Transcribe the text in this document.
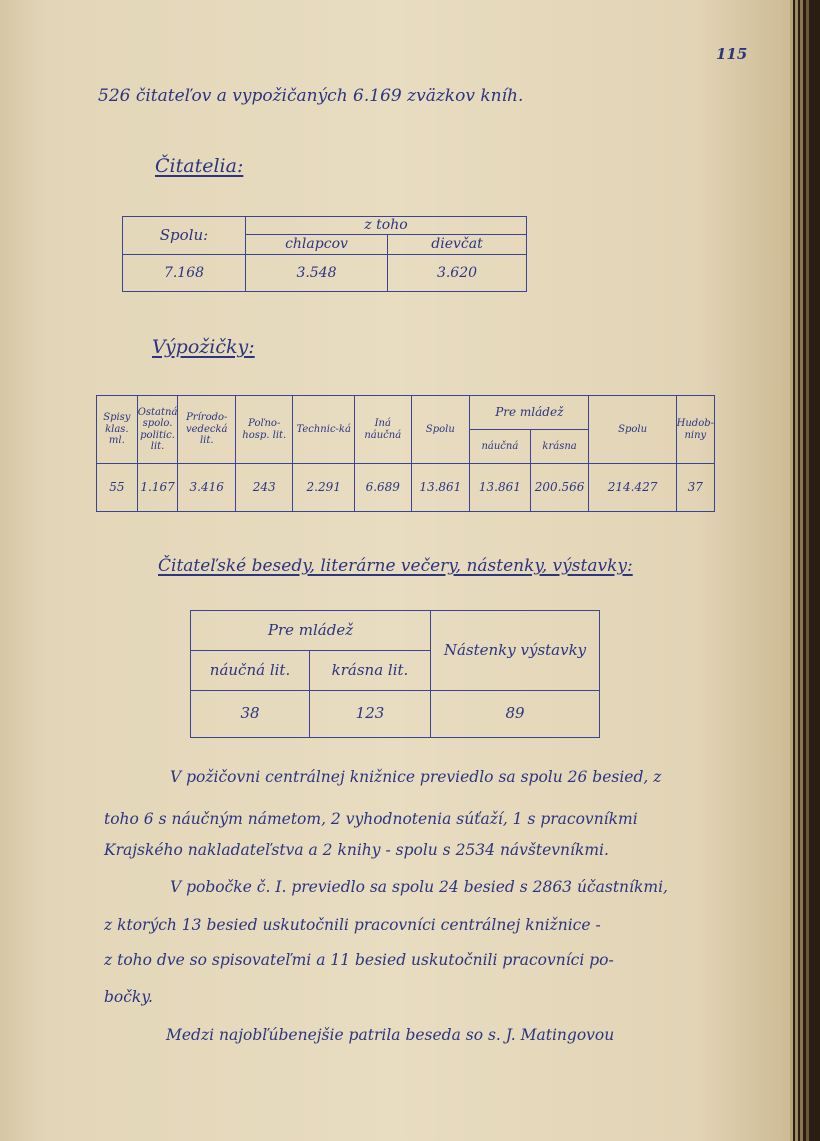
115
526 čitateľov a vypožičaných 6.169 zväzkov kníh.
Čitatelia:
Spolu:	z toho	
	chlapcov	dievčat
7.168	3.548	3.620
Výpožičky:
Spisy klas. ml.	Ostatná spolo. politic. lit.	Prírodo-vedecká lit.	Poľno-hosp. lit.	Technic-ká	Iná náučná	Spolu	Pre mládež		Spolu	Hudob-niny
							náučná	krásna		
55	1.167	3.416	243	2.291	6.689	13.861	13.861	200.566	214.427	37
Čitateľské besedy, literárne večery, nástenky, výstavky:
Pre mládež		Nástenky výstavky
náučná lit.	krásna lit.	
38	123	89
V požičovni centrálnej knižnice previedlo sa spolu 26 besied, z
toho 6 s náučným námetom, 2 vyhodnotenia súťaží, 1 s pracovníkmi
Krajského nakladateľstva a 2 knihy - spolu s 2534 návštevníkmi.
V pobočke č. I. previedlo sa spolu 24 besied s 2863 účastníkmi,
z ktorých 13 besied uskutočnili pracovníci centrálnej knižnice -
z toho dve so spisovateľmi a 11 besied uskutočnili pracovníci po-
bočky.
Medzi najobľúbenejšie patrila beseda so s. J. Matingovou
